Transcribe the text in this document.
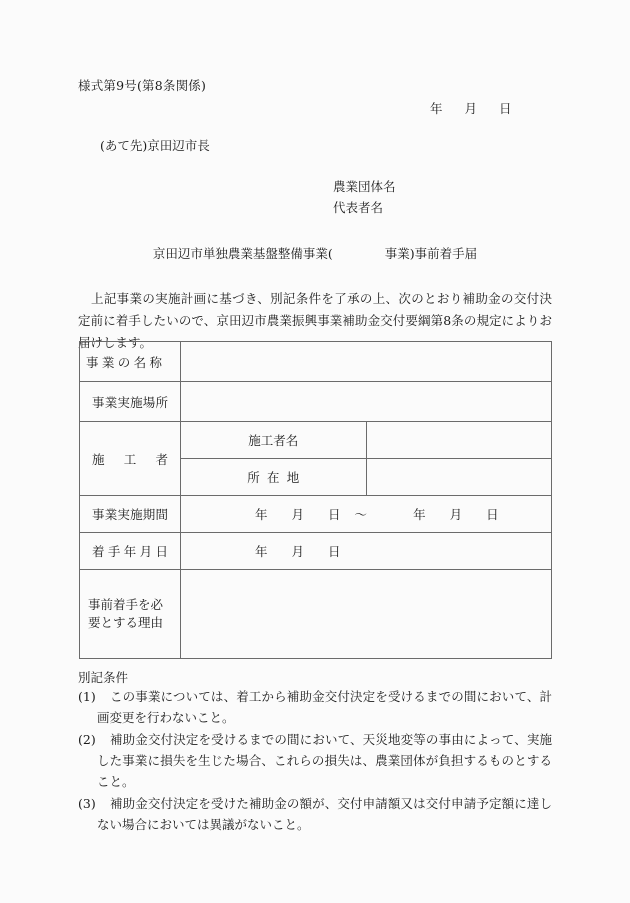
様式第9号(第8条関係)
年 月 日
(あて先)京田辺市長
農業団体名
代表者名
京田辺市単独農業基盤整備事業(	事業)事前着手届
上記事業の実施計画に基づき、別記条件を了承の上、次のとおり補助金の交付決定前に着手したいので、京田辺市農業振興事業補助金交付要綱第8条の規定によりお届けします。
事業の名称		
事業実施場所		
施工者	施工者名	
	所在地	
事業実施期間	年 月 日 〜 年 月 日	
着手年月日	年 月 日	

事前着手を必
要とする理由		

別記条件
(1) この事業については、着工から補助金交付決定を受けるまでの間において、計画変更を行わないこと。
(2) 補助金交付決定を受けるまでの間において、天災地変等の事由によって、実施した事業に損失を生じた場合、これらの損失は、農業団体が負担するものとすること。
(3) 補助金交付決定を受けた補助金の額が、交付申請額又は交付申請予定額に達しない場合においては異議がないこと。
